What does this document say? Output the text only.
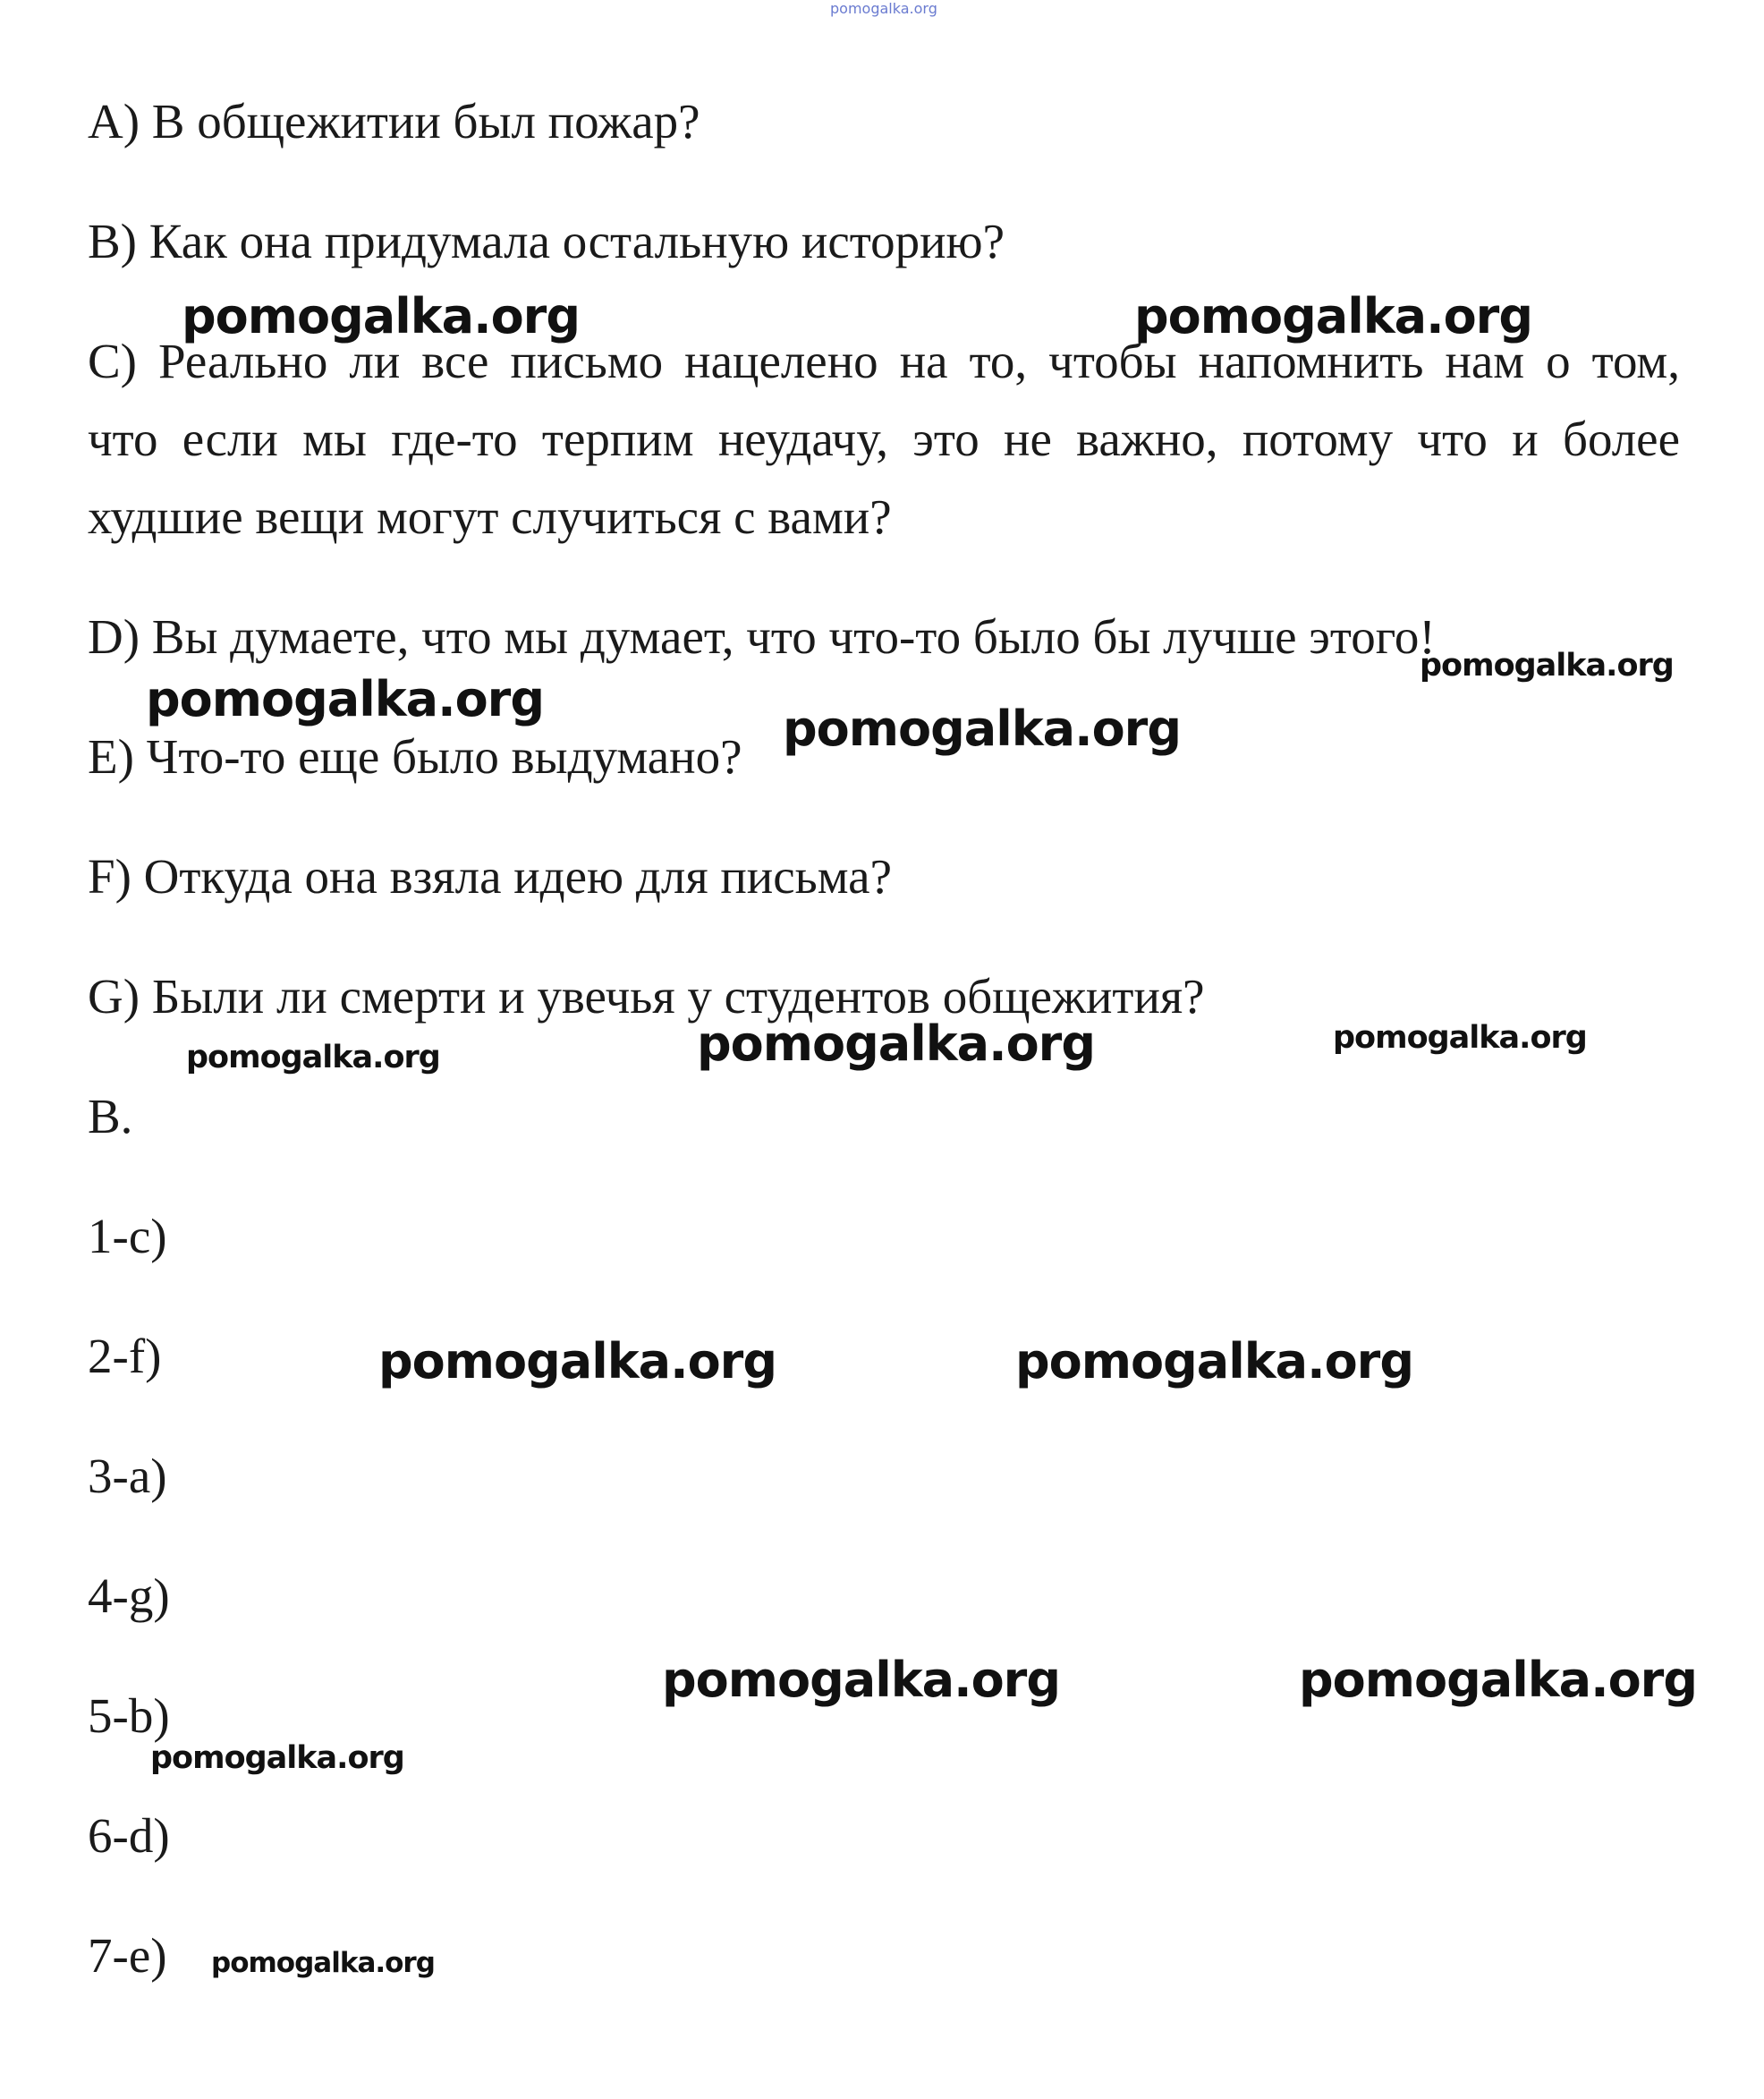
pomogalka.org
A) В общежитии был пожар?
B) Как она придумала остальную историю?
C) Реально ли все письмо нацелено на то, чтобы напомнить нам о том,
что если мы где-то терпим неудачу, это не важно, потому что и более
худшие вещи могут случиться с вами?
D) Вы думаете, что мы думает, что что-то было бы лучше этого!
E) Что-то еще было выдумано?
F) Откуда она взяла идею для письма?
G) Были ли смерти и увечья у студентов общежития?
B.
1-c)
2-f)
3-a)
4-g)
5-b)
6-d)
7-e)
pomogalka.org	pomogalka.org
pomogalka.org
pomogalka.org
pomogalka.org
pomogalka.org
pomogalka.org
pomogalka.org
pomogalka.org	pomogalka.org
pomogalka.org	pomogalka.org
pomogalka.org
pomogalka.org
